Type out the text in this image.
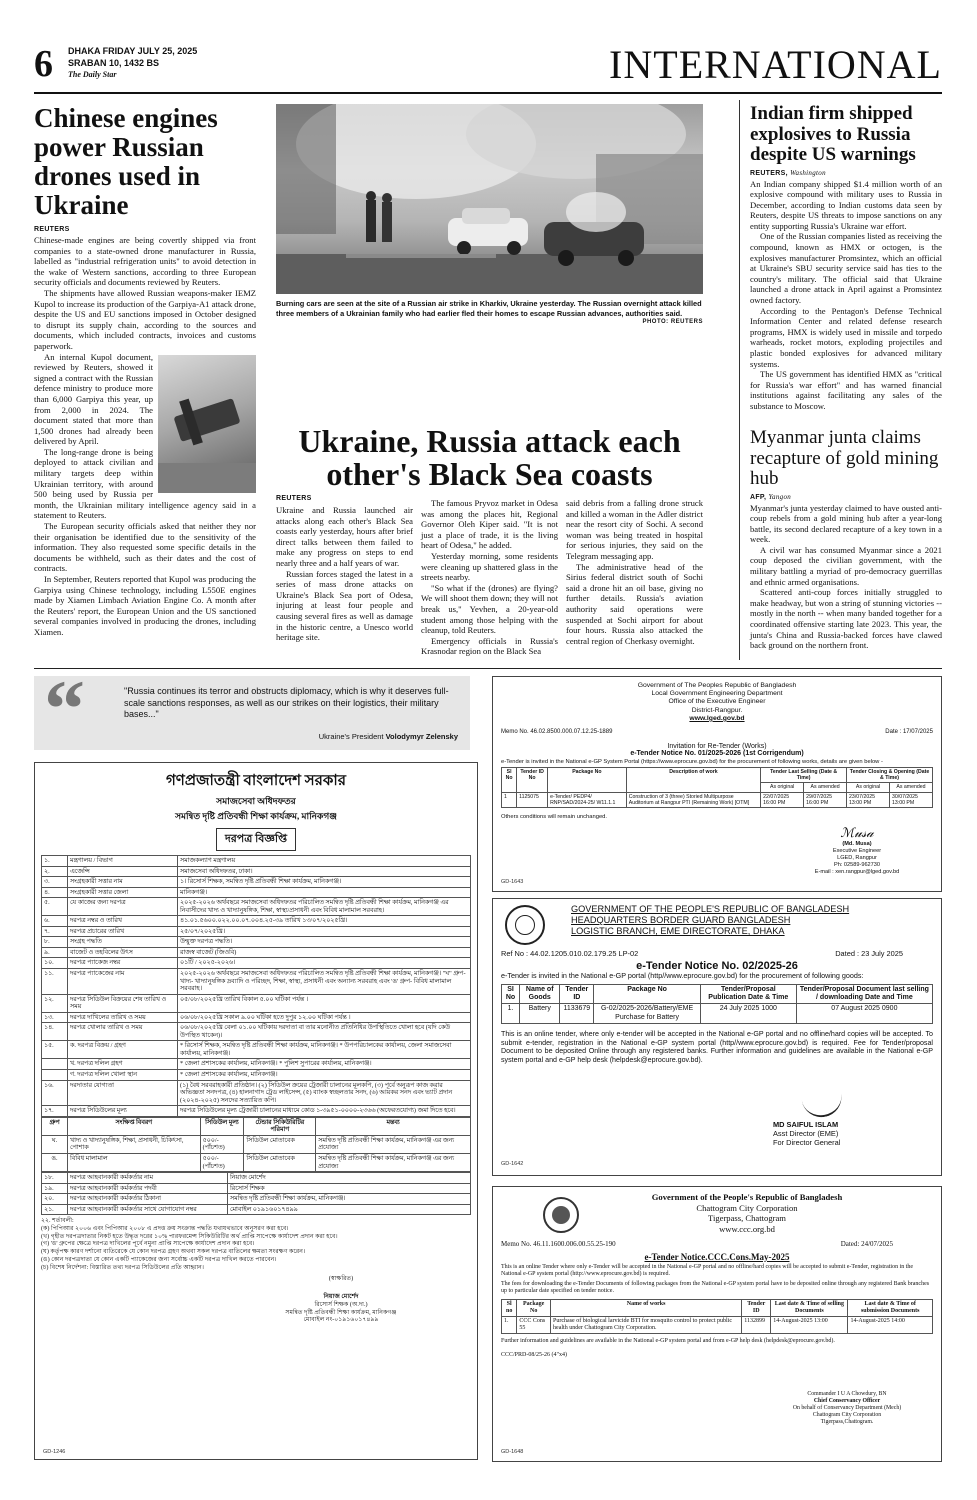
6 DHAKA FRIDAY JULY 25, 2025
SRABAN 10, 1432 BS
The Daily Star	INTERNATIONAL
Chinese engines power Russian drones used in Ukraine
REUTERS

Chinese-made engines are being covertly shipped via front companies to a state-owned drone manufacturer in Russia, labelled as "industrial refrigeration units" to avoid detection in the wake of Western sanctions, according to three European security officials and documents reviewed by Reuters.

The shipments have allowed Russian weapons-maker IEMZ Kupol to increase its production of the Garpiya-A1 attack drone, despite the US and EU sanctions imposed in October designed to disrupt its supply chain, according to the sources and documents, which included contracts, invoices and customs paperwork.

An internal Kupol document, reviewed by Reuters, showed it signed a contract with the Russian defence ministry to produce more than 6,000 Garpiya this year, up from 2,000 in 2024. The document stated that more than 1,500 drones had already been delivered by April.

The long-range drone is being deployed to attack civilian and military targets deep within Ukrainian territory, with around 500 being used by Russia per month, the Ukrainian military intelligence agency said in a statement to Reuters.

The European security officials asked that neither they nor their organisation be identified due to the sensitivity of the information. They also requested some specific details in the documents be withheld, such as their dates and the cost of contracts.

In September, Reuters reported that Kupol was producing the Garpiya using Chinese technology, including L550E engines made by Xiamen Limbach Aviation Engine Co. A month after the Reuters' report, the European Union and the US sanctioned several companies involved in producing the drones, including Xiamen.

Burning cars are seen at the site of a Russian air strike in Kharkiv, Ukraine yesterday. The Russian overnight attack killed three members of a Ukrainian family who had earlier fled their homes to escape Russian advances, authorities said.
PHOTO: REUTERS
Ukraine, Russia attack each other's Black Sea coasts
REUTERS

Ukraine and Russia launched air attacks along each other's Black Sea coasts early yesterday, hours after brief direct talks between them failed to make any progress on steps to end nearly three and a half years of war.

Russian forces staged the latest in a series of mass drone attacks on Ukraine's Black Sea port of Odesa, injuring at least four people and causing several fires as well as damage in the historic centre, a Unesco world heritage site.

The famous Pryvoz market in Odesa was among the places hit, Regional Governor Oleh Kiper said. "It is not just a place of trade, it is the living heart of Odesa," he added.

Yesterday morning, some residents were cleaning up shattered glass in the streets nearby.

"So what if the (drones) are flying? We will shoot them down; they will not break us," Yevhen, a 20-year-old student among those helping with the cleanup, told Reuters.

Emergency officials in Russia's Krasnodar region on the Black Sea

said debris from a falling drone struck and killed a woman in the Adler district near the resort city of Sochi. A second woman was being treated in hospital for serious injuries, they said on the Telegram messaging app.

The administrative head of the Sirius federal district south of Sochi said a drone hit an oil base, giving no further details. Russia's aviation authority said operations were suspended at Sochi airport for about four hours. Russia also attacked the central region of Cherkasy overnight.

Indian firm shipped explosives to Russia despite US warnings
REUTERS, Washington

An Indian company shipped $1.4 million worth of an explosive compound with military uses to Russia in December, according to Indian customs data seen by Reuters, despite US threats to impose sanctions on any entity supporting Russia's Ukraine war effort.

One of the Russian companies listed as receiving the compound, known as HMX or octogen, is the explosives manufacturer Promsintez, which an official at Ukraine's SBU security service said has ties to the country's military. The official said that Ukraine launched a drone attack in April against a Promsintez owned factory.

According to the Pentagon's Defense Technical Information Center and related defense research programs, HMX is widely used in missile and torpedo warheads, rocket motors, exploding projectiles and plastic bonded explosives for advanced military systems.

The US government has identified HMX as "critical for Russia's war effort" and has warned financial institutions against facilitating any sales of the substance to Moscow.

Myanmar junta claims recapture of gold mining hub
AFP, Yangon

Myanmar's junta yesterday claimed to have ousted anti-coup rebels from a gold mining hub after a year-long battle, its second declared recapture of a key town in a week.

A civil war has consumed Myanmar since a 2021 coup deposed the civilian government, with the military battling a myriad of pro-democracy guerrillas and ethnic armed organisations.

Scattered anti-coup forces initially struggled to make headway, but won a string of stunning victories -- mostly in the north -- when many banded together for a coordinated offensive starting late 2023. This year, the junta's China and Russia-backed forces have clawed back ground on the northern front.

“	"Russia continues its terror and obstructs diplomacy, which is why it deserves full-scale sanctions responses, as well as our strikes on their logistics, their military bases..."
Ukraine's President Volodymyr Zelensky
গণপ্রজাতন্ত্রী বাংলাদেশ সরকার
সমাজসেবা অধিদফতর
সমন্বিত দৃষ্টি প্রতিবন্ধী শিক্ষা কার্যক্রম, মানিকগঞ্জ
দরপত্র বিজ্ঞপ্তি
১.	মন্ত্রণালয় / বিভাগ	সমাজকল্যাণ মন্ত্রণালয়
২.	এজেন্সি	সমাজসেবা অধিদফতর, ঢাকা।
৩.	সংগ্রহকারী সত্তার নাম	১। রিসোর্স শিক্ষক, সমন্বিত দৃষ্টি প্রতিবন্ধী শিক্ষা কার্যক্রম, মানিকগঞ্জ।
৪.	সংগ্রহকারী সত্তার জেলা	মানিকগঞ্জ।
৫.	যে কাজের জন্য দরপত্র	২০২৫-২০২৬ অর্থবছরে সমাজসেবা অধিদফতর পরিচালিত সমন্বিত দৃষ্টি প্রতিবন্ধী শিক্ষা কার্যক্রম, মানিকগঞ্জ এর নিবাসীদের খাদ্য ও খাদ্যানুষঙ্গিক, শিক্ষা, স্বাস্থ্য/প্রসাধনী এবং বিবিধ মালামাল সরবরাহ।
৬.	দরপত্র নম্বর ও তারিখ	৪১.০১.৫৬০০.০২২.০০.০৭.০০৪.২৫-৩৯ তারিখ ১৩/০৭/২০২৫খ্রি।
৭.	দরপত্র প্রচারের তারিখ	২৫/০৭/২০২৫খ্রি।
৮.	সংগ্রহ পদ্ধতি	উন্মুক্ত দরপত্র পদ্ধতি।
৯.	বাজেট ও তহবিলের উৎস	রাজস্ব বাজেট (জিওবি)
১০.	দরপত্র প্যাকেজ নম্বর	০১টি / ২০২৫-২০২৬।
১১.	দরপত্র প্যাকেজের নাম	২০২৫-২০২৬ অর্থবছরে সমাজসেবা অধিদফতর পরিচালিত সমন্বিত দৃষ্টি প্রতিবন্ধী শিক্ষা কার্যক্রম, মানিকগঞ্জ। "ঘ" গ্রুপ- খাদ্য- খাদ্যানুষঙ্গিক দ্রব্যাদি ও পরিচ্ছদ, শিক্ষা, স্বাস্থ্য, প্রসাধনী এবং অন্যান্য সরবরাহ এবং 'ঙ' গ্রুপ- বিবিধ মালামাল সরবরাহ।
১২.	দরপত্র সিডিউল বিক্রয়ের শেষ তারিখ ও সময়	০৫/০৮/২০২৫খ্রি তারিখ বিকাল ৫.০০ ঘটিকা পর্যন্ত ।
১৩.	দরপত্র দাখিলের তারিখ ও সময়	০৬/০৮/২০২৫খ্রি সকাল ৯.০০ ঘটিকা হতে দুপুর ১২.০০ ঘটিকা পর্যন্ত ।
১৪.	দরপত্র খোলার তারিখ ও সময়	০৬/০৮/২০২৫খ্রি বেলা ০১.০০ ঘটিকায় দরদাতা বা তার মনোনীত প্রতিনিধির উপস্থিতিতে খোলা হবে (যদি কেউ উপস্থিত থাকেন)।
১৫.	ক. দরপত্র বিক্রয় / গ্রহণ	* রিসোর্স শিক্ষক, সমন্বিত দৃষ্টি প্রতিবন্ধী শিক্ষা কার্যক্রম, মানিকগঞ্জ। * উপপরিচালকের কার্যালয়, জেলা সমাজসেবা কার্যালয়, মানিকগঞ্জ।
	খ. দরপত্র দলিল গ্রহণ	* জেলা প্রশাসকের কার্যালয়, মানিকগঞ্জ। * পুলিশ সুপারের কার্যালয়, মানিকগঞ্জ।
	গ. দরপত্র দলিল খোলা স্থান	* জেলা প্রশাসকের কার্যালয়, মানিকগঞ্জ।
১৬.	দরদাতার যোগ্যতা	(১) বৈধ সরবরাহকারী প্রতিষ্ঠান। (২) সিডিউল ক্রয়ের ট্রেজারী চালানের মূলকপি, (৩) পূর্বে অনুরূপ কাজ করার অভিজ্ঞতা সনদপত্র, (৪) হালনাগাদ ট্রেড লাইসেন্স, (৫) ব্যাংক স্বচ্ছলতার সনদ, (৬) আয়কর সনদ এবং ভ্যাট প্রদান (২০২৪-২০২৫) সনদের সত্যায়িত কপি।
১৭.	দরপত্র সিডিউলের মূল্য	দরপত্র সিডিউলের মূল্য ট্রেজারী চালানের মাধ্যমে কোড ১-৩৯৫১-০০০০-২৩৬৬ (অফেরতযোগ্য) জমা দিতে হবে।
গ্রুপ	সংক্ষিপ্ত বিবরণ	সিডিউল মূল্য	টেন্ডার সিকিউরিটির পরিমাণ	মন্তব্য
ঘ.	খাদ্য ও খাদ্যানুষঙ্গিক, শিক্ষা, প্রসাধনী, চিকিৎসা, পোশাক	৫০০/- (পাঁচশত)	সিডিউল মোতাবেক	সমন্বিত দৃষ্টি প্রতিবন্ধী শিক্ষা কার্যক্রম, মানিকগঞ্জ এর জন্য প্রযোজ্য
ঙ.	বিবিধ মালামাল	৫০০/- (পাঁচশত)	সিডিউল মোতাবেক	সমন্বিত দৃষ্টি প্রতিবন্ধী শিক্ষা কার্যক্রম, মানিকগঞ্জ এর জন্য প্রযোজ্য
১৮.	দরপত্র আহবানকারী কর্মকর্তার নাম	নিয়াজ মোর্শেদ
১৯.	দরপত্র আহবানকারী কর্মকর্তার পদবী	রিসোর্স শিক্ষক
২০.	দরপত্র আহবানকারী কর্মকর্তার ঠিকানা	সমন্বিত দৃষ্টি প্রতিবন্ধী শিক্ষা কার্যক্রম, মানিকগঞ্জ।
২১.	দরপত্র আহবানকারী কর্মকর্তার সাথে যোগাযোগ নম্বর	মোবাইল ০১৯১৬০১৭৪৯৯
২২. শর্তাবলী:
(ক) পিপিআর ২০০৬ এবং পিপিআর ২০০৮ এ প্রদত্ত ক্রয় সংক্রান্ত পদ্ধতি যথাযথভাবে অনুসরণ করা হবে।
(খ) গৃহীত দরপত্রদাতার নিকট হতে উদ্ধৃত দরের ১০% পারফরমেন্স সিকিউরিটির অর্থ প্রাপ্তি সাপেক্ষে কার্যাদেশ প্রদান করা হবে।
(গ) 'ঙ' গ্রুপের ক্ষেত্রে দরপত্র দাখিলের পূর্বে নমুনা প্রাপ্তি সাপেক্ষে কার্যাদেশ প্রদান করা হবে।
(ঘ) কর্তৃপক্ষ কারণ দর্শানো ব্যতিরেকে যে কোন দরপত্র গ্রহণ অথবা সকল দরপত্র বাতিলের ক্ষমতা সংরক্ষণ করেন।
(ঙ) কোন দরপত্রদাতা যে কোন একটি প্যাকেজের জন্য সর্বোচ্চ একটি দরপত্র দাখিল করতে পারবেন।
(চ) বিশেষ নির্দেশনা: বিস্তারিত তথ্য দরপত্র সিডিউলের প্রতি আহ্বান।
(স্বাক্ষরিত)
নিয়াজ মোর্শেদ
রিসোর্স শিক্ষক (অ.দা.)
সমন্বিত দৃষ্টি প্রতিবন্ধী শিক্ষা কার্যক্রম, মানিকগঞ্জ
মোবাইল নং-০১৯১৬০১৭৪৯৯
GD-1246
Government of The Peoples Republic of Bangladesh
Local Government Engineering Department
Office of the Executive Engineer
District-Rangpur.
www.lged.gov.bd
Memo No. 46.02.8500.000.07.12.25-1889	Date : 17/07/2025
Invitation for Re-Tender (Works)
e-Tender Notice No. 01/2025-2026 (1st Corrigendum)
e-Tender is invited in the National e-GP System Portal (https://www.eprocure.gov.bd) for the procurement of following works, details are given below -
Sl No	Tender ID No	Package No	Description of work	Tender Last Selling (Date & Time)		Tender Closing & Opening (Date & Time)	
				As original	As amended	As original	As amended
1	1125075	e-Tender/ PEDP4/ RNP/SAD/2024-25/ W11.1.1	Construction of 3 (three) Storied Multipurpose Auditorium at Rangpur PTI (Remaining Work) [OTM]	22/07/2025 16:00 PM	29/07/2025 16:00 PM	23/07/2025 13:00 PM	30/07/2025 13:00 PM
Others conditions will remain unchanged.
ℳ𝓊𝓈𝒶
(Md. Musa)
Executive Engineer
LGED, Rangpur
Ph: 02589-962730
E-mail : xen.rangpur@lged.gov.bd
GD-1643
GOVERNMENT OF THE PEOPLE'S REPUBLIC OF BANGLADESH
HEADQUARTERS BORDER GUARD BANGLADESH
LOGISTIC BRANCH, EME DIRECTORATE, DHAKA
Ref No : 44.02.1205.010.02.179.25 LP-02	Dated : 23 July 2025
e-Tender Notice No. 02/2025-26
e-Tender is invited in the National e-GP portal (http//www.eprocure.gov.bd) for the procurement of following goods:
SI No	Name of Goods	Tender ID	Package No	Tender/Proposal Publication Date & Time	Tender/Proposal Document last selling / downloading Date and Time
1.	Battery	1133679	G-02/2025-2026/Battery/EME Purchase for Battery	24 July 2025 1000	07 August 2025 0900
This is an online tender, where only e-tender will be accepted in the National e-GP portal and no offline/hard copies will be accepted. To submit e-tender, registration in the National e-GP system portal (http//www.eprocure.gov.bd) is required. Fee for Tender/proposal Document to be deposited Online through any registered banks. Further information and guidelines are available in the National e-GP system portal and e-GP help desk (helpdesk@eprocure.gov.bd).
MD SAIFUL ISLAM
Asst Director (EME)
For Director General
GD-1642
Government of the People's Republic of Bangladesh
Chattogram City Corporation
Tigerpass, Chattogram
www.ccc.org.bd
Memo No. 46.11.1600.006.00.55.25-190	Dated: 24/07/2025
e-Tender Notice.CCC.Cons.May-2025
This is an online Tender where only e-Tender will be accepted in the National e-GP portal and no offline/hard copies will be accepted to submit e-Tender, registration in the National e-GP system portal (http://www.eprocure.gov.bd) is required.
The fees for downloading the e-Tender Documents of following packages from the National e-GP system portal have to be deposited online through any registered Bank branches up to particular date specified on tender notice.
Sl no	Package No	Name of works	Tender ID	Last date & Time of selling Documents	Last date & Time of submission Documents
1.	CCC Cons 55	Purchase of biological larvicide BTI for mosquito control to protect public health under Chattogram City Corporation.	1132899	14-August-2025 13:00	14-August-2025 14:00
Further information and guidelines are available in the National e-GP system portal and from e-GP help desk (helpdesk@eprocure.gov.bd).
CCC/PRD-08/25-26 (4"x4)
Commander I U A Chowdury, BN
Chief Conservancy Officer
On behalf of Conservancy Department (Mech)
Chattogram City Corporation
Tigerpass,Chattogram.
GD-1648
